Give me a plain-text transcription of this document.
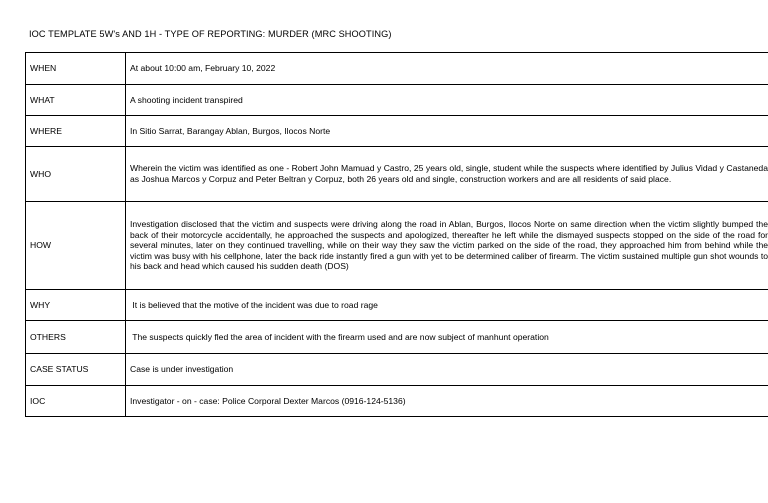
IOC TEMPLATE 5W's AND 1H - TYPE OF REPORTING: MURDER (MRC SHOOTING)
WHEN	At about 10:00 am, February 10, 2022
WHAT	A shooting incident transpired
WHERE	In Sitio Sarrat, Barangay Ablan, Burgos, Ilocos Norte
WHO	Wherein the victim was identified as one - Robert John Mamuad y Castro, 25 years old, single, student while the suspects where identified by Julius Vidad y Castaneda as Joshua Marcos y Corpuz and Peter Beltran y Corpuz, both 26 years old and single, construction workers and are all residents of said place.
HOW	Investigation disclosed that the victim and suspects were driving along the road in Ablan, Burgos, Ilocos Norte on same direction when the victim slightly bumped the back of their motorcycle accidentally, he approached the suspects and apologized, thereafter he left while the dismayed suspects stopped on the side of the road for several minutes, later on they continued travelling, while on their way they saw the victim parked on the side of the road, they approached him from behind while the victim was busy with his cellphone, later the back ride instantly fired a gun with yet to be determined caliber of firearm. The victim sustained multiple gun shot wounds to his back and head which caused his sudden death (DOS)
WHY	It is believed that the motive of the incident was due to road rage
OTHERS	The suspects quickly fled the area of incident with the firearm used and are now subject of manhunt operation
CASE STATUS	Case is under investigation
IOC	Investigator - on - case: Police Corporal Dexter Marcos (0916-124-5136)
